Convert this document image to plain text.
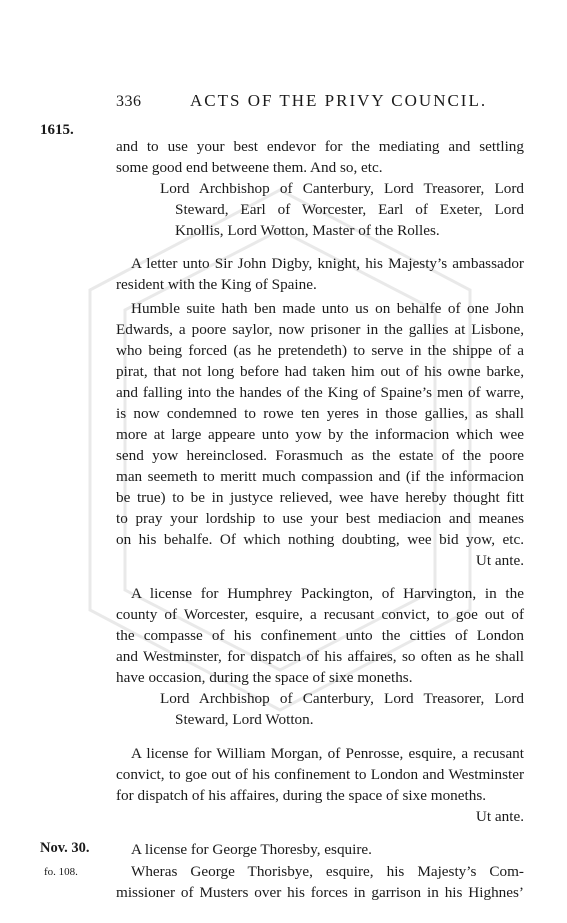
336	ACTS OF THE PRIVY COUNCIL.
1615.
and to use your best endevor for the mediating and settling
some good end betweene them. And so, etc.
Lord Archbishop of Canterbury, Lord Treasorer, Lord
Steward, Earl of Worcester, Earl of Exeter, Lord
Knollis, Lord Wotton, Master of the Rolles.
A letter unto Sir John Digby, knight, his Majesty’s ambassador
resident with the King of Spaine.
Humble suite hath ben made unto us on behalfe of one John
Edwards, a poore saylor, now prisoner in the gallies at Lisbone,
who being forced (as he pretendeth) to serve in the shippe of a
pirat, that not long before had taken him out of his owne barke,
and falling into the handes of the King of Spaine’s men of warre,
is now condemned to rowe ten yeres in those gallies, as shall
more at large appeare unto yow by the informacion which wee
send yow hereinclosed. Forasmuch as the estate of the poore
man seemeth to meritt much compassion and (if the informacion
be true) to be in justyce relieved, wee have hereby thought fitt
to pray your lordship to use your best mediacion and meanes
on his behalfe. Of which nothing doubting, wee bid yow, etc.
Ut ante.
A license for Humphrey Packington, of Harvington, in the
county of Worcester, esquire, a recusant convict, to goe out of
the compasse of his confinement unto the citties of London
and Westminster, for dispatch of his affaires, so often as he shall
have occasion, during the space of sixe moneths.
Lord Archbishop of Canterbury, Lord Treasorer, Lord
Steward, Lord Wotton.
A license for William Morgan, of Penrosse, esquire, a recusant
convict, to goe out of his confinement to London and Westminster
for dispatch of his affaires, during the space of sixe moneths.
Ut ante.
Nov. 30.	A license for George Thoresby, esquire.
fo. 108.	Wheras George Thorisbye, esquire, his Majesty’s Com-
missioner of Musters over his forces in garrison in his Highnes’
